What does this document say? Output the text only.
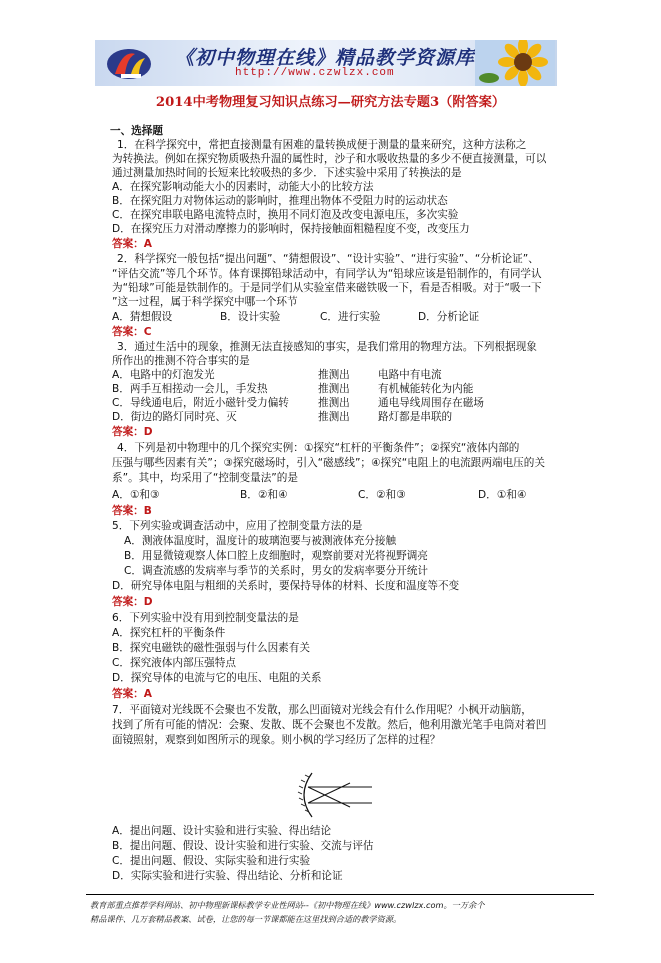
《初中物理在线》精品教学资源库
http://www.czwlzx.com
2014中考物理复习知识点练习—研究方法专题3（附答案）
一、选择题
1．在科学探究中，常把直接测量有困难的量转换成便于测量的量来研究，这种方法称之
为转换法。例如在探究物质吸热升温的属性时，沙子和水吸收热量的多少不便直接测量，可以
通过测量加热时间的长短来比较吸热的多少．下述实验中采用了转换法的是
A．在探究影响动能大小的因素时，动能大小的比较方法
B．在探究阻力对物体运动的影响时，推理出物体不受阻力时的运动状态
C．在探究串联电路电流特点时，换用不同灯泡及改变电源电压，多次实验
D．在探究压力对滑动摩擦力的影响时，保持接触面粗糙程度不变，改变压力
答案：A
2．科学探究一般包括“提出问题”、“猜想假设”、“设计实验”、“进行实验”、“分析论证”、
“评估交流”等几个环节。体育课掷铅球活动中，有同学认为“铅球应该是铅制作的，有同学认
为“铅球”可能是铁制作的。于是同学们从实验室借来磁铁吸一下，看是否相吸。对于“吸一下
”这一过程，属于科学探究中哪一个环节
A．猜想假设	B．设计实验	C．进行实验	D．分析论证
答案：C
3．通过生活中的现象，推测无法直接感知的事实，是我们常用的物理方法。下列根据现象
所作出的推测不符合事实的是
A．电路中的灯泡发光	推测出	电路中有电流
B．两手互相搓动一会儿，手发热	推测出	有机械能转化为内能
C．导线通电后，附近小磁针受力偏转	推测出	通电导线周围存在磁场
D．街边的路灯同时亮、灭	推测出	路灯都是串联的
答案：D
4．下列是初中物理中的几个探究实例：①探究“杠杆的平衡条件”；②探究“液体内部的
压强与哪些因素有关”；③探究磁场时，引入“磁感线”；④探究“电阻上的电流跟两端电压的关
系”。其中，均采用了“控制变量法”的是
A．①和③	B．②和④	C．②和③	D．①和④
答案：B
5．下列实验或调查活动中，应用了控制变量方法的是
A．测液体温度时，温度计的玻璃泡要与被测液体充分接触
B．用显微镜观察人体口腔上皮细胞时，观察前要对光将视野调亮
C．调查流感的发病率与季节的关系时，男女的发病率要分开统计
D．研究导体电阻与粗细的关系时，要保持导体的材料、长度和温度等不变
答案：D
6．下列实验中没有用到控制变量法的是
A．探究杠杆的平衡条件
B．探究电磁铁的磁性强弱与什么因素有关
C．探究液体内部压强特点
D．探究导体的电流与它的电压、电阻的关系
答案：A
7．平面镜对光线既不会聚也不发散，那么凹面镜对光线会有什么作用呢？小枫开动脑筋，
找到了所有可能的情况：会聚、发散、既不会聚也不发散。然后，他利用激光笔手电筒对着凹
面镜照射，观察到如图所示的现象。则小枫的学习经历了怎样的过程？
A．提出问题、设计实验和进行实验、得出结论
B．提出问题、假设、设计实验和进行实验、交流与评估
C．提出问题、假设、实际实验和进行实验
D．实际实验和进行实验、得出结论、分析和论证
教育部重点推荐学科网站、初中物理新课标教学专业性网站--《初中物理在线》www.czwlzx.com。一万余个
精品课件、几万套精品教案、试卷，让您的每一节课都能在这里找到合适的教学资源。
